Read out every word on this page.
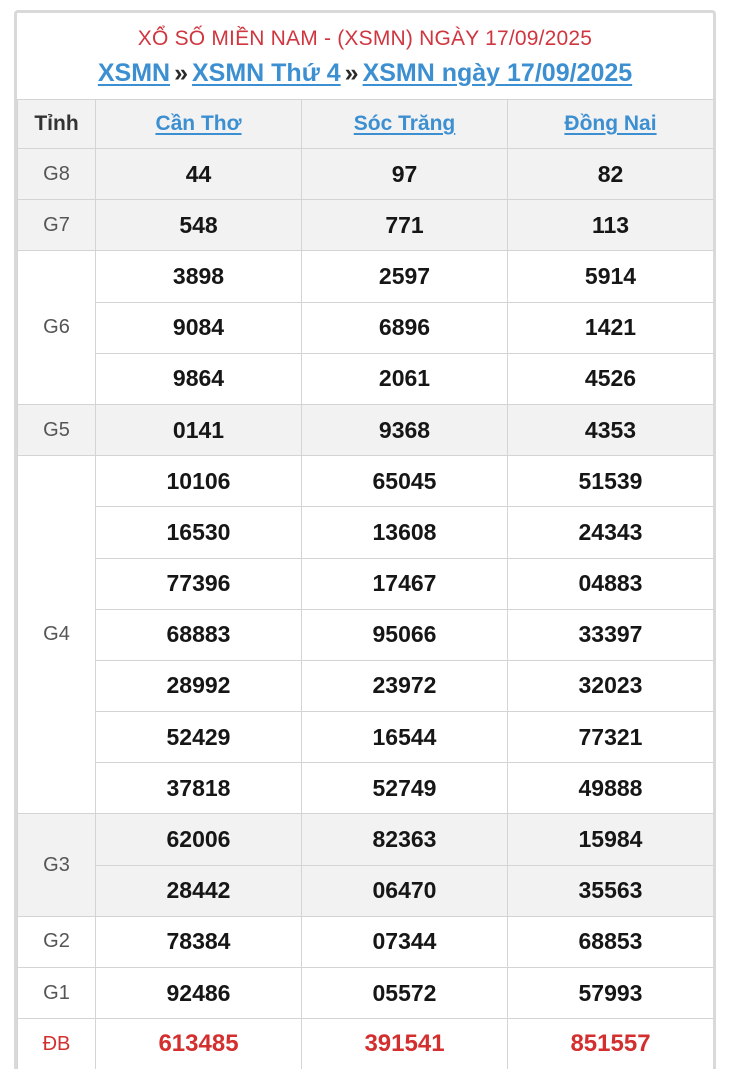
XỔ SỐ MIỀN NAM - (XSMN) NGÀY 17/09/2025
XSMN » XSMN Thứ 4 » XSMN ngày 17/09/2025
Tỉnh	Cần Thơ	Sóc Trăng	Đồng Nai
G8	44	97	82
G7	548	771	113
G6	3898	2597	5914
	9084	6896	1421
	9864	2061	4526
G5	0141	9368	4353
G4	10106	65045	51539
	16530	13608	24343
	77396	17467	04883
	68883	95066	33397
	28992	23972	32023
	52429	16544	77321
	37818	52749	49888
G3	62006	82363	15984
	28442	06470	35563
G2	78384	07344	68853
G1	92486	05572	57993
ĐB	613485	391541	851557
